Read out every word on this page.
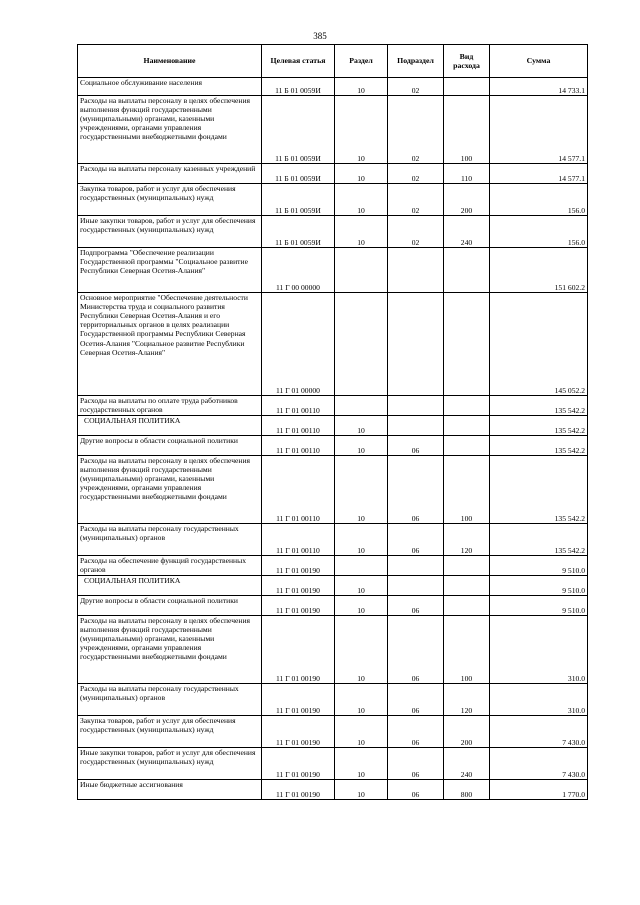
385
Наименование	Целевая статья	Раздел	Подраздел	Вид расхода	Сумма
Социальное обслуживание населения	11 Б 01 0059И	10	02		14 733.1
Расходы на выплаты персоналу в целях обеспечения выполнения функций государственными (муниципальными) органами, казенными учреждениями, органами управления государственными внебюджетными фондами	11 Б 01 0059И	10	02	100	14 577.1
Расходы на выплаты персоналу казенных учреждений	11 Б 01 0059И	10	02	110	14 577.1
Закупка товаров, работ и услуг для обеспечения государственных (муниципальных) нужд	11 Б 01 0059И	10	02	200	156.0
Иные закупки товаров, работ и услуг для обеспечения государственных (муниципальных) нужд	11 Б 01 0059И	10	02	240	156.0
Подпрограмма "Обеспечение реализации Государственной программы "Социальное развитие Республики Северная Осетия-Алания"	11 Г 00 00000				151 602.2
Основное мероприятие "Обеспечение деятельности Министерства труда и социального развития Республики Северная Осетия-Алания и его территориальных органов в целях реализации Государственной программы Республики Северная Осетия-Алания "Социальное развитие Республики Северная Осетия-Алания"	11 Г 01 00000				145 052.2
Расходы на выплаты по оплате труда работников государственных органов	11 Г 01 00110				135 542.2
СОЦИАЛЬНАЯ ПОЛИТИКА	11 Г 01 00110	10			135 542.2
Другие вопросы в области социальной политики	11 Г 01 00110	10	06		135 542.2
Расходы на выплаты персоналу в целях обеспечения выполнения функций государственными (муниципальными) органами, казенными учреждениями, органами управления государственными внебюджетными фондами	11 Г 01 00110	10	06	100	135 542.2
Расходы на выплаты персоналу государственных (муниципальных) органов	11 Г 01 00110	10	06	120	135 542.2
Расходы на обеспечение функций государственных органов	11 Г 01 00190				9 510.0
СОЦИАЛЬНАЯ ПОЛИТИКА	11 Г 01 00190	10			9 510.0
Другие вопросы в области социальной политики	11 Г 01 00190	10	06		9 510.0
Расходы на выплаты персоналу в целях обеспечения выполнения функций государственными (муниципальными) органами, казенными учреждениями, органами управления государственными внебюджетными фондами	11 Г 01 00190	10	06	100	310.0
Расходы на выплаты персоналу государственных (муниципальных) органов	11 Г 01 00190	10	06	120	310.0
Закупка товаров, работ и услуг для обеспечения государственных (муниципальных) нужд	11 Г 01 00190	10	06	200	7 430.0
Иные закупки товаров, работ и услуг для обеспечения государственных (муниципальных) нужд	11 Г 01 00190	10	06	240	7 430.0
Иные бюджетные ассигнования	11 Г 01 00190	10	06	800	1 770.0
